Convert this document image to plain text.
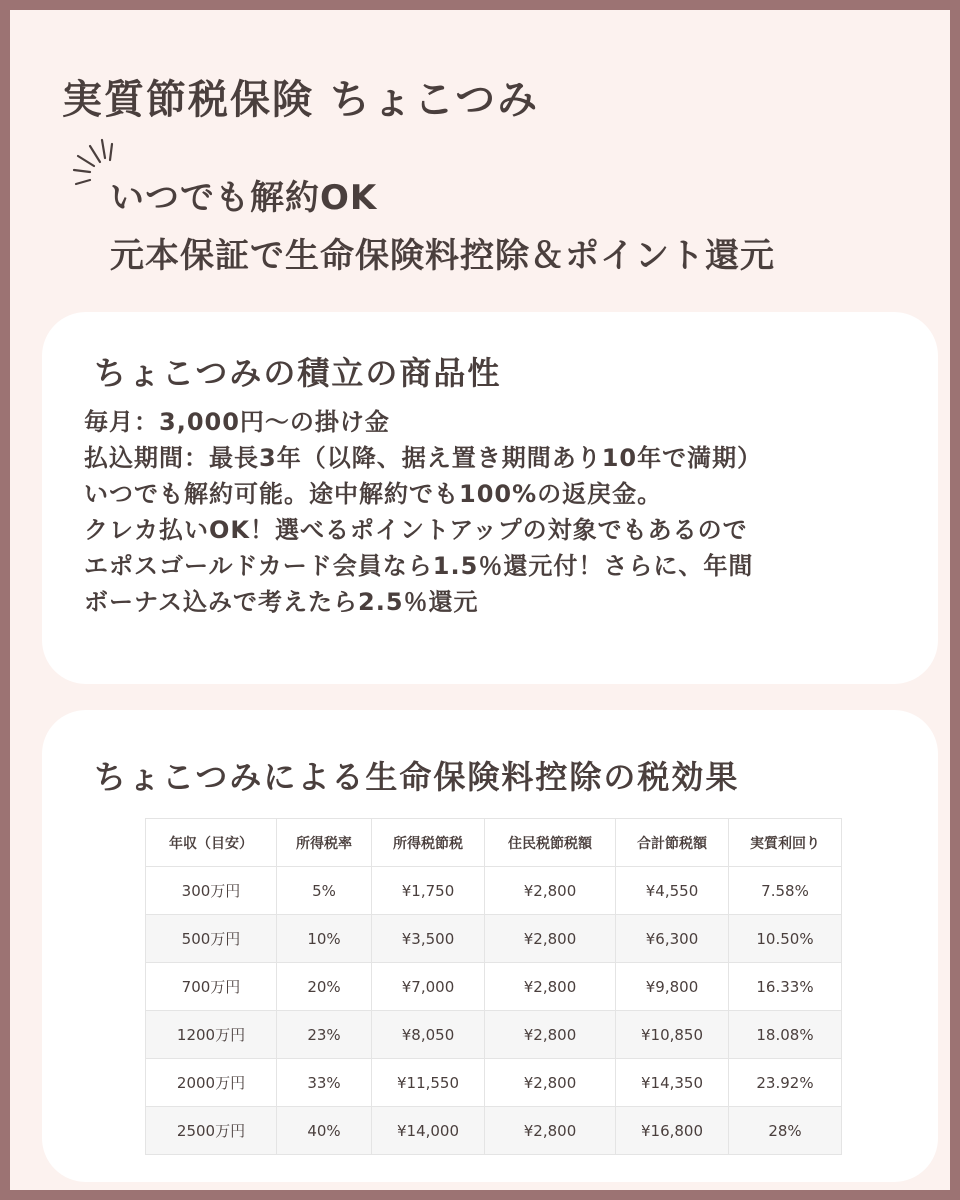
実質節税保険 ちょこつみ

いつでも解約OK

元本保証で生命保険料控除＆ポイント還元

ちょこつみの積立の商品性
毎月：3,000円～の掛け金
払込期間：最長3年（以降、据え置き期間あり10年で満期）
いつでも解約可能。途中解約でも100%の返戻金。
クレカ払いOK！選べるポイントアップの対象でもあるので
エポスゴールドカード会員なら1.5％還元付！さらに、年間
ボーナス込みで考えたら2.5％還元
ちょこつみによる生命保険料控除の税効果
年収（目安）	所得税率	所得税節税	住民税節税額	合計節税額	実質利回り
300万円	5%	¥1,750	¥2,800	¥4,550	7.58%
500万円	10%	¥3,500	¥2,800	¥6,300	10.50%
700万円	20%	¥7,000	¥2,800	¥9,800	16.33%
1200万円	23%	¥8,050	¥2,800	¥10,850	18.08%
2000万円	33%	¥11,550	¥2,800	¥14,350	23.92%
2500万円	40%	¥14,000	¥2,800	¥16,800	28%
